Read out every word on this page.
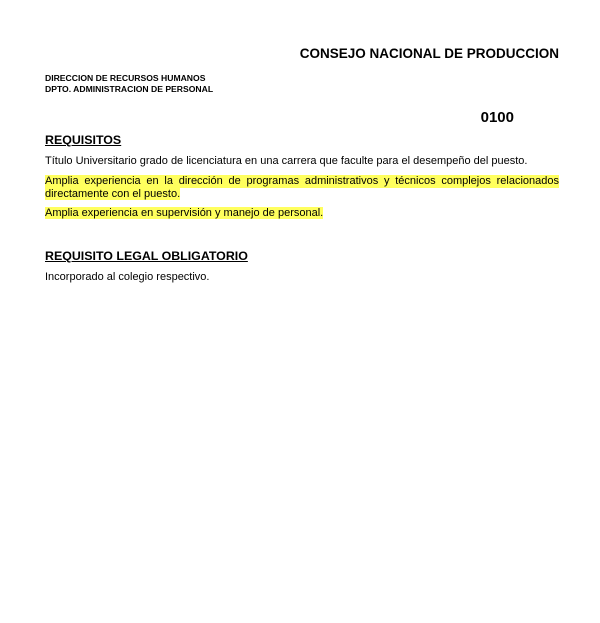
CONSEJO NACIONAL DE PRODUCCION
DIRECCION DE RECURSOS HUMANOS
DPTO. ADMINISTRACION DE PERSONAL
0100
REQUISITOS
Título Universitario grado de licenciatura en una carrera que faculte para el desempeño del puesto.
Amplia experiencia en la dirección de programas administrativos y técnicos complejos relacionados
directamente con el puesto.
Amplia experiencia en supervisión y manejo de personal.
REQUISITO LEGAL OBLIGATORIO
Incorporado al colegio respectivo.
